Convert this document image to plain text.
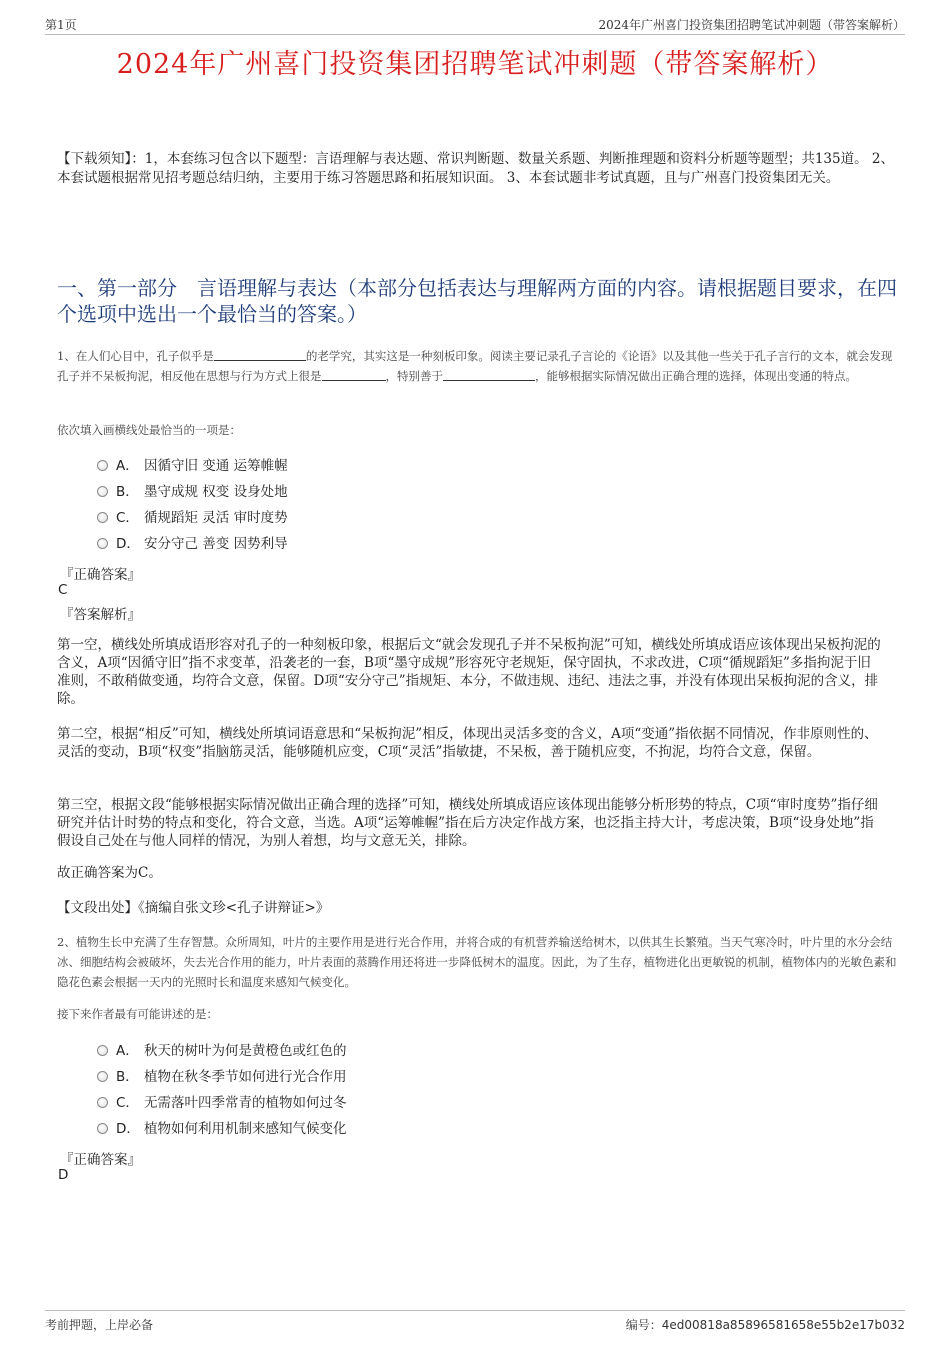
第1页	2024年广州喜门投资集团招聘笔试冲刺题（带答案解析）
2024年广州喜门投资集团招聘笔试冲刺题（带答案解析）
【下载须知】：1，本套练习包含以下题型：言语理解与表达题、常识判断题、数量关系题、判断推理题和资料分析题等题型；共135道。 2、本套试题根据常见招考题总结归纳，主要用于练习答题思路和拓展知识面。 3、本套试题非考试真题，且与广州喜门投资集团无关。
一、第一部分　言语理解与表达（本部分包括表达与理解两方面的内容。请根据题目要求，在四个选项中选出一个最恰当的答案。）
1、在人们心目中，孔子似乎是	的老学究，其实这是一种刻板印象。阅读主要记录孔子言论的《论语》以及其他一些关于孔子言行的文本，就会发现孔子并不呆板拘泥，相反他在思想与行为方式上很是	，特别善于	，能够根据实际情况做出正确合理的选择，体现出变通的特点。
依次填入画横线处最恰当的一项是：
A． 因循守旧 变通 运筹帷幄
B． 墨守成规 权变 设身处地
C． 循规蹈矩 灵活 审时度势
D． 安分守己 善变 因势利导
『正确答案』
C
『答案解析』
第一空，横线处所填成语形容对孔子的一种刻板印象，根据后文“就会发现孔子并不呆板拘泥”可知，横线处所填成语应该体现出呆板拘泥的含义，A项“因循守旧”指不求变革，沿袭老的一套，B项“墨守成规”形容死守老规矩，保守固执，不求改进，C项“循规蹈矩”多指拘泥于旧准则，不敢稍做变通，均符合文意，保留。D项“安分守己”指规矩、本分，不做违规、违纪、违法之事，并没有体现出呆板拘泥的含义，排除。
第二空，根据“相反”可知，横线处所填词语意思和“呆板拘泥”相反，体现出灵活多变的含义，A项“变通”指依据不同情况，作非原则性的、灵活的变动，B项“权变”指脑筋灵活，能够随机应变，C项“灵活”指敏捷，不呆板，善于随机应变，不拘泥，均符合文意，保留。
第三空，根据文段“能够根据实际情况做出正确合理的选择”可知，横线处所填成语应该体现出能够分析形势的特点，C项“审时度势”指仔细研究并估计时势的特点和变化，符合文意，当选。A项“运筹帷幄”指在后方决定作战方案，也泛指主持大计，考虑决策，B项“设身处地”指假设自己处在与他人同样的情况，为别人着想，均与文意无关，排除。
故正确答案为C。
【文段出处】《摘编自张文珍<孔子讲辩证>》
2、植物生长中充满了生存智慧。众所周知，叶片的主要作用是进行光合作用，并将合成的有机营养输送给树木，以供其生长繁殖。当天气寒冷时，叶片里的水分会结冰、细胞结构会被破坏，失去光合作用的能力，叶片表面的蒸腾作用还将进一步降低树木的温度。因此，为了生存，植物进化出更敏锐的机制，植物体内的光敏色素和隐花色素会根据一天内的光照时长和温度来感知气候变化。
接下来作者最有可能讲述的是：
A． 秋天的树叶为何是黄橙色或红色的
B． 植物在秋冬季节如何进行光合作用
C． 无需落叶四季常青的植物如何过冬
D． 植物如何利用机制来感知气候变化
『正确答案』
D
考前押题，上岸必备	编号：4ed00818a85896581658e55b2e17b032
